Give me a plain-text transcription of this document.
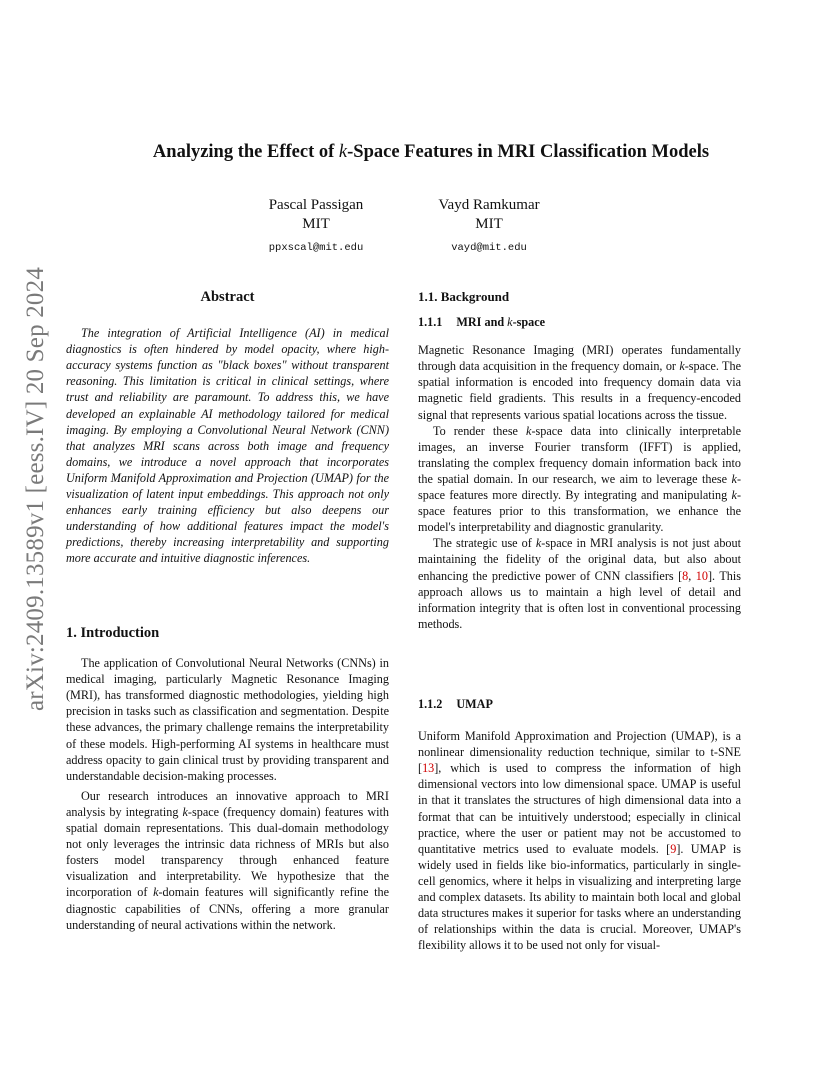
arXiv:2409.13589v1 [eess.IV] 20 Sep 2024
Analyzing the Effect of k-Space Features in MRI Classification Models
Pascal Passigan
MIT
ppxscal@mit.edu
Vayd Ramkumar
MIT
vayd@mit.edu
Abstract

The integration of Artificial Intelligence (AI) in medical diagnostics is often hindered by model opacity, where high-accuracy systems function as "black boxes" without transparent reasoning. This limitation is critical in clinical settings, where trust and reliability are paramount. To address this, we have developed an explainable AI methodology tailored for medical imaging. By employing a Convolutional Neural Network (CNN) that analyzes MRI scans across both image and frequency domains, we introduce a novel approach that incorporates Uniform Manifold Approximation and Projection (UMAP) for the visualization of latent input embeddings. This approach not only enhances early training efficiency but also deepens our understanding of how additional features impact the model's predictions, thereby increasing interpretability and supporting more accurate and intuitive diagnostic inferences.

1. Introduction

The application of Convolutional Neural Networks (CNNs) in medical imaging, particularly Magnetic Resonance Imaging (MRI), has transformed diagnostic methodologies, yielding high precision in tasks such as classification and segmentation. Despite these advances, the primary challenge remains the interpretability of these models. High-performing AI systems in healthcare must address opacity to gain clinical trust by providing transparent and understandable decision-making processes.

Our research introduces an innovative approach to MRI analysis by integrating k-space (frequency domain) features with spatial domain representations. This dual-domain methodology not only leverages the intrinsic data richness of MRIs but also fosters model transparency through enhanced feature visualization and interpretability. We hypothesize that the incorporation of k-domain features will significantly refine the diagnostic capabilities of CNNs, offering a more granular understanding of neural activations within the network.

1.1. Background
1.1.1 MRI and k-space

Magnetic Resonance Imaging (MRI) operates fundamentally through data acquisition in the frequency domain, or k-space. The spatial information is encoded into frequency domain data via magnetic field gradients. This results in a frequency-encoded signal that represents various spatial locations across the tissue.

To render these k-space data into clinically interpretable images, an inverse Fourier transform (IFFT) is applied, translating the complex frequency domain information back into the spatial domain. In our research, we aim to leverage these k-space features more directly. By integrating and manipulating k-space features prior to this transformation, we enhance the model's interpretability and diagnostic granularity.

The strategic use of k-space in MRI analysis is not just about maintaining the fidelity of the original data, but also about enhancing the predictive power of CNN classifiers [8, 10]. This approach allows us to maintain a high level of detail and information integrity that is often lost in conventional processing methods.

1.1.2 UMAP

Uniform Manifold Approximation and Projection (UMAP), is a nonlinear dimensionality reduction technique, similar to t-SNE [13], which is used to compress the information of high dimensional vectors into low dimensional space. UMAP is useful in that it translates the structures of high dimensional data into a format that can be intuitively understood; especially in clinical practice, where the user or patient may not be accustomed to quantitative metrics used to evaluate models. [9]. UMAP is widely used in fields like bio-informatics, particularly in single-cell genomics, where it helps in visualizing and interpreting large and complex datasets. Its ability to maintain both local and global data structures makes it superior for tasks where an understanding of relationships within the data is crucial. Moreover, UMAP's flexibility allows it to be used not only for visual-
